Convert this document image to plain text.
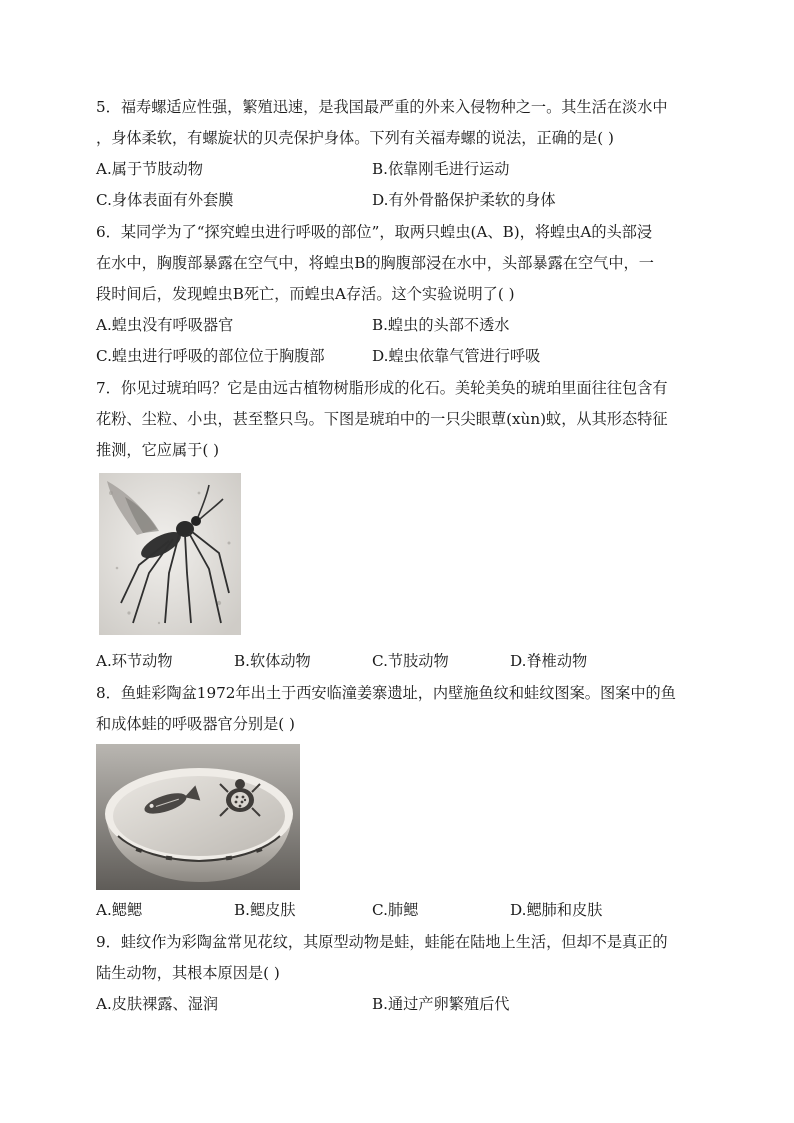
5．福寿螺适应性强，繁殖迅速，是我国最严重的外来入侵物种之一。其生活在淡水中
，身体柔软，有螺旋状的贝壳保护身体。下列有关福寿螺的说法，正确的是( )
A.属于节肢动物	B.依靠刚毛进行运动
C.身体表面有外套膜	D.有外骨骼保护柔软的身体
6．某同学为了“探究蝗虫进行呼吸的部位”，取两只蝗虫(A、B)，将蝗虫A的头部浸
在水中，胸腹部暴露在空气中，将蝗虫B的胸腹部浸在水中，头部暴露在空气中，一
段时间后，发现蝗虫B死亡，而蝗虫A存活。这个实验说明了( )
A.蝗虫没有呼吸器官	B.蝗虫的头部不透水
C.蝗虫进行呼吸的部位位于胸腹部	D.蝗虫依靠气管进行呼吸
7．你见过琥珀吗？它是由远古植物树脂形成的化石。美轮美奂的琥珀里面往往包含有
花粉、尘粒、小虫，甚至整只鸟。下图是琥珀中的一只尖眼蕈(xùn)蚊，从其形态特征
推测，它应属于( )
A.环节动物	B.软体动物	C.节肢动物	D.脊椎动物
8．鱼蛙彩陶盆1972年出土于西安临潼姜寨遗址，内壁施鱼纹和蛙纹图案。图案中的鱼
和成体蛙的呼吸器官分别是( )
A.鳃鳃	B.鳃皮肤	C.肺鳃	D.鳃肺和皮肤
9．蛙纹作为彩陶盆常见花纹，其原型动物是蛙，蛙能在陆地上生活，但却不是真正的
陆生动物，其根本原因是( )
A.皮肤裸露、湿润	B.通过产卵繁殖后代
